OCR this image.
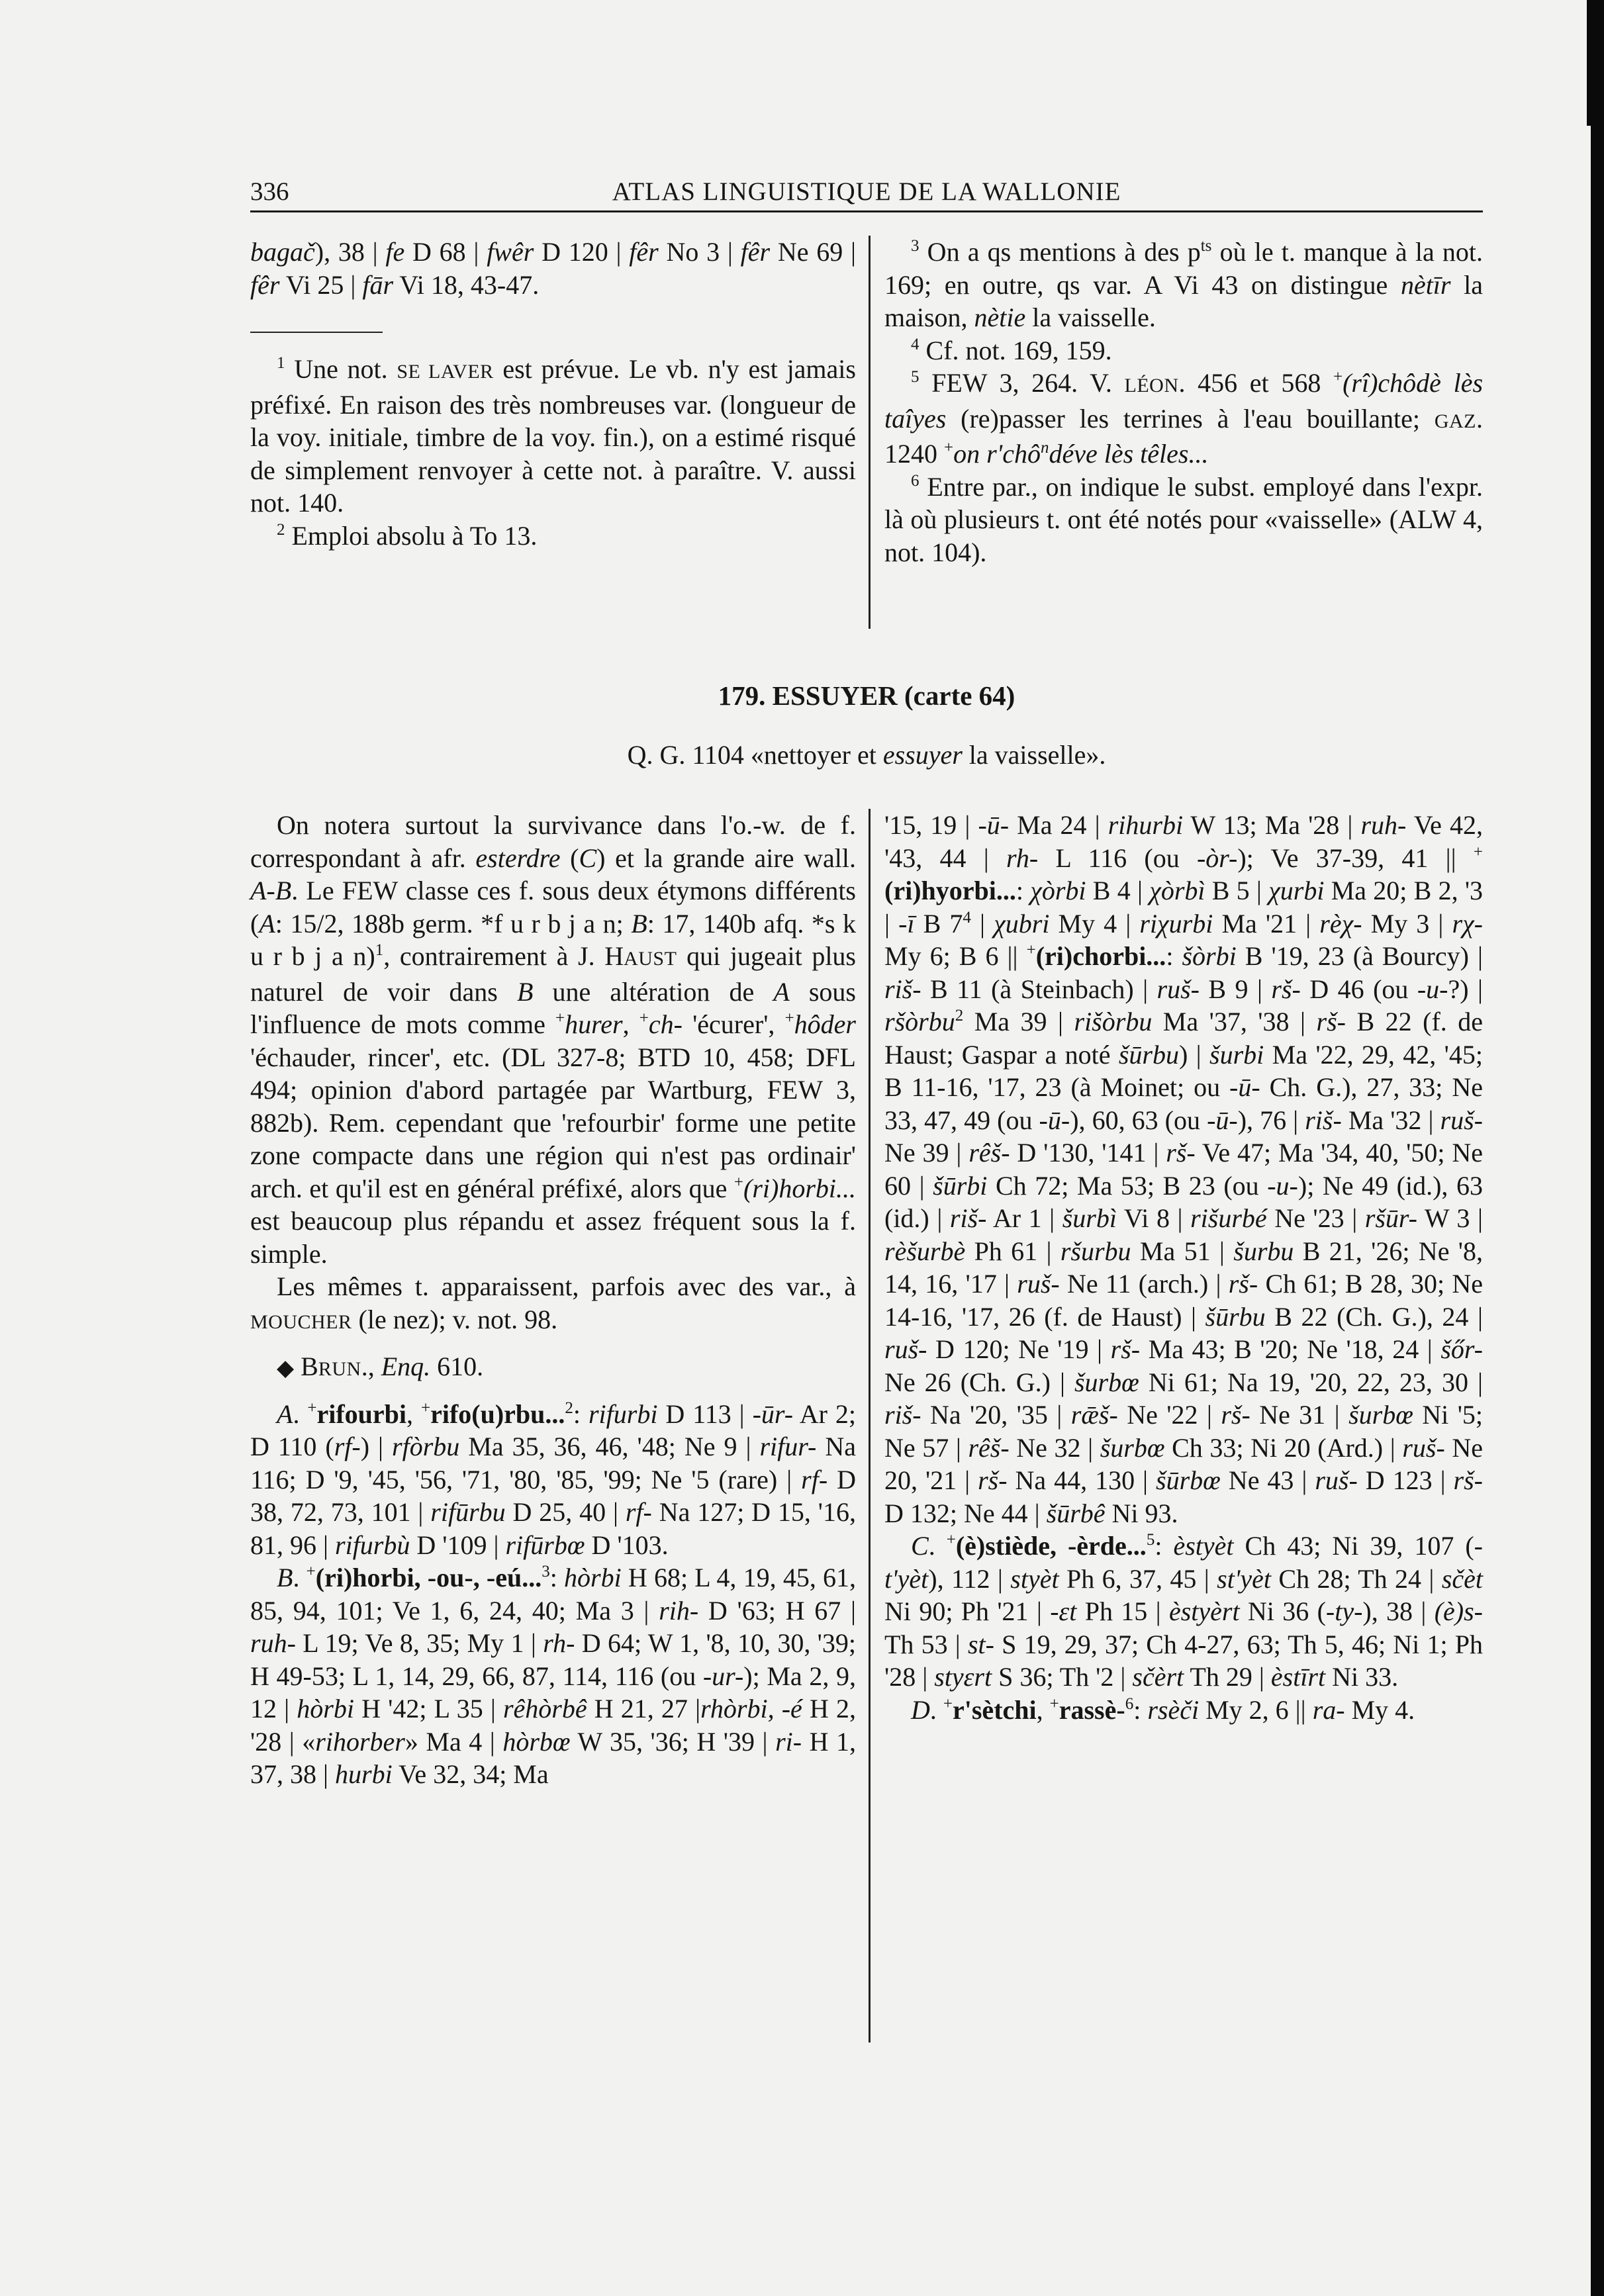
336	ATLAS LINGUISTIQUE DE LA WALLONIE

bagač), 38 | fe D 68 | fwêr D 120 | fêr No 3 | fêr Ne 69 | fêr Vi 25 | fār Vi 18, 43-47.

$^1$ Une not. SE LAVER est prévue. Le vb. n'y est jamais préfixé. En raison des très nombreuses var. (longueur de la voy. initiale, timbre de la voy. fin.), on a estimé risqué de simplement renvoyer à cette not. à paraître. V. aussi not. 140.

$^2$ Emploi absolu à To 13.

$^3$ On a qs mentions à des $p^{ts}$ où le t. manque à la not. 169; en outre, qs var. A Vi 43 on distingue nètīr la maison, nètie la vaisselle.

$^4$ Cf. not. 169, 159.

$^5$ FEW 3, 264. V. LÉON. 456 et 568 +(rî)chôdè lès taîyes (re)passer les terrines à l'eau bouillante; GAZ. 1240 +on r'chô$^n$déve lès têles...

$^6$ Entre par., on indique le subst. employé dans l'expr. là où plusieurs t. ont été notés pour «vaisselle» (ALW 4, not. 104).

179. ESSUYER (carte 64)
Q. G. 1104 «nettoyer et essuyer la vaisselle».

On notera surtout la survivance dans l'o.-w. de f. correspondant à afr. esterdre (C) et la grande aire wall. A-B. Le FEW classe ces f. sous deux étymons différents (A: 15/2, 188b germ. *f u r b j a n; B: 17, 140b afq. *s k u r b j a n)$^1$, contrairement à J. HAUST qui jugeait plus naturel de voir dans B une altération de A sous l'influence de mots comme +hurer, +ch- 'écurer', +hôder 'échauder, rincer', etc. (DL 327-8; BTD 10, 458; DFL 494; opinion d'abord partagée par Wartburg, FEW 3, 882b). Rem. cependant que 'refourbir' forme une petite zone compacte dans une région qui n'est pas ordinair' arch. et qu'il est en général préfixé, alors que +(ri)horbi... est beaucoup plus répandu et assez fréquent sous la f. simple.

Les mêmes t. apparaissent, parfois avec des var., à MOUCHER (le nez); v. not. 98.

◆ BRUN., Enq. 610.

A. +rifourbi, +rifo(u)rbu...$^2$: rifurbi D 113 | -ūr- Ar 2; D 110 (rf-) | rfòrbu Ma 35, 36, 46, '48; Ne 9 | rifur- Na 116; D '9, '45, '56, '71, '80, '85, '99; Ne '5 (rare) | rf- D 38, 72, 73, 101 | rifūrbu D 25, 40 | rf- Na 127; D 15, '16, 81, 96 | rifurbù D '109 | rifūrbœ D '103.

B. +(ri)horbi, -ou-, -eú...$^3$: hòrbi H 68; L 4, 19, 45, 61, 85, 94, 101; Ve 1, 6, 24, 40; Ma 3 | rih- D '63; H 67 | ruh- L 19; Ve 8, 35; My 1 | rh- D 64; W 1, '8, 10, 30, '39; H 49-53; L 1, 14, 29, 66, 87, 114, 116 (ou -ur-); Ma 2, 9, 12 | hòrbi H '42; L 35 | rêhòrbê H 21, 27 |rhòrbi, -é H 2, '28 | «rihorber» Ma 4 | hòrbœ W 35, '36; H '39 | ri- H 1, 37, 38 | hurbi Ve 32, 34; Ma

'15, 19 | -ū- Ma 24 | rihurbi W 13; Ma '28 | ruh- Ve 42, '43, 44 | rh- L 116 (ou -òr-); Ve 37-39, 41 || +(ri)hyorbi...: χòrbi B 4 | χòrbì B 5 | χurbi Ma 20; B 2, '3 | -ī B $7^4$ | χubri My 4 | riχurbi Ma '21 | rèχ- My 3 | rχ- My 6; B 6 || +(ri)chorbi...: šòrbi B '19, 23 (à Bourcy) | riš- B 11 (à Steinbach) | ruš- B 9 | rš- D 46 (ou -u-?) | ršòrbu$^2$ Ma 39 | rišòrbu Ma '37, '38 | rš- B 22 (f. de Haust; Gaspar a noté šūrbu) | šurbi Ma '22, 29, 42, '45; B 11-16, '17, 23 (à Moinet; ou -ū- Ch. G.), 27, 33; Ne 33, 47, 49 (ou -ū-), 60, 63 (ou -ū-), 76 | riš- Ma '32 | ruš- Ne 39 | rêš- D '130, '141 | rš- Ve 47; Ma '34, 40, '50; Ne 60 | šūrbi Ch 72; Ma 53; B 23 (ou -u-); Ne 49 (id.), 63 (id.) | riš- Ar 1 | šurbì Vi 8 | rišurbé Ne '23 | ršūr- W 3 | rèšurbè Ph 61 | ršurbu Ma 51 | šurbu B 21, '26; Ne '8, 14, 16, '17 | ruš- Ne 11 (arch.) | rš- Ch 61; B 28, 30; Ne 14-16, '17, 26 (f. de Haust) | šūrbu B 22 (Ch. G.), 24 | ruš- D 120; Ne '19 | rš- Ma 43; B '20; Ne '18, 24 | šőr- Ne 26 (Ch. G.) | šurbœ Ni 61; Na 19, '20, 22, 23, 30 | riš- Na '20, '35 | rǣš- Ne '22 | rš- Ne 31 | šurbœ Ni '5; Ne 57 | rêš- Ne 32 | šurbœ Ch 33; Ni 20 (Ard.) | ruš- Ne 20, '21 | rš- Na 44, 130 | šūrbœ Ne 43 | ruš- D 123 | rš- D 132; Ne 44 | šūrbê Ni 93.

C. +(è)stiède, -èrde...$^5$: èstyèt Ch 43; Ni 39, 107 (-t'yèt), 112 | styèt Ph 6, 37, 45 | st'yèt Ch 28; Th 24 | sčèt Ni 90; Ph '21 | -ɛt Ph 15 | èstyèrt Ni 36 (-ty-), 38 | (è)s- Th 53 | st- S 19, 29, 37; Ch 4-27, 63; Th 5, 46; Ni 1; Ph '28 | styɛrt S 36; Th '2 | sčèrt Th 29 | èstīrt Ni 33.

D. +r'sètchi, +rassè-$^6$: rsèči My 2, 6 || ra- My 4.
